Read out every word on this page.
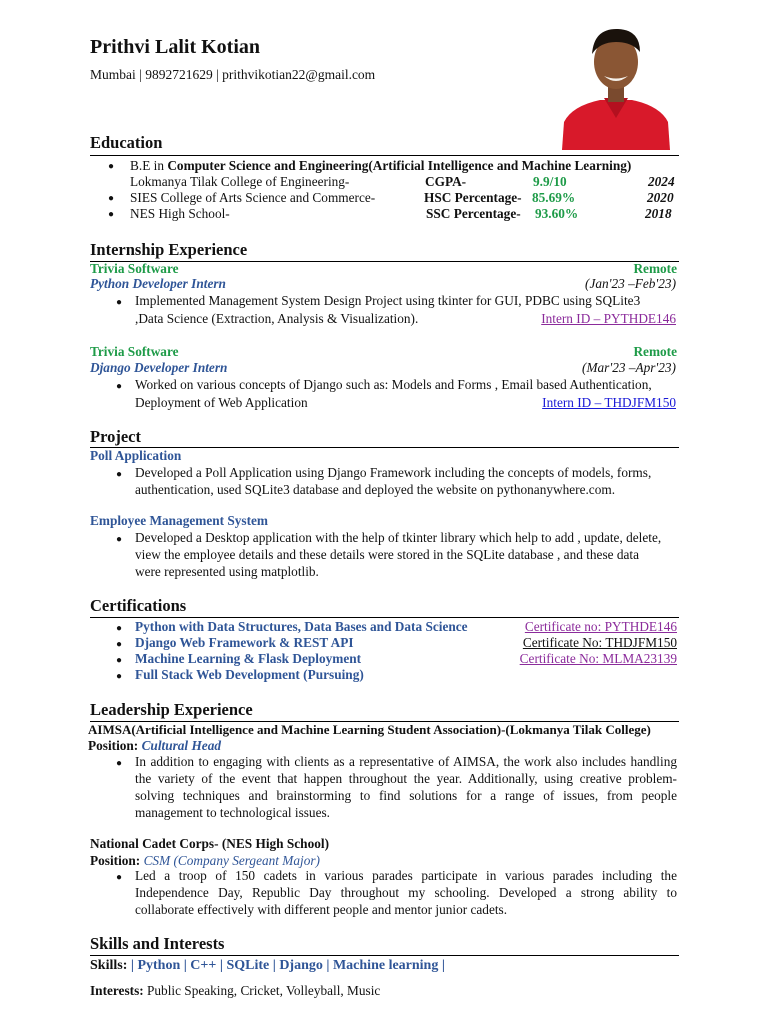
Prithvi Lalit Kotian
Mumbai | 9892721629 | prithvikotian22@gmail.com
Education
● B.E in Computer Science and Engineering(Artificial Intelligence and Machine Learning)
Lokmanya Tilak College of Engineering-	CGPA-	9.9/10	2024
● SIES College of Arts Science and Commerce-	HSC Percentage- 85.69%	2020
● NES High School-	SSC Percentage- 93.60%	2018
Internship Experience
Trivia Software	Remote
Python Developer Intern	(Jan'23 –Feb'23)
● Implemented Management System Design Project using tkinter for GUI, PDBC using SQLite3
,Data Science (Extraction, Analysis & Visualization).	Intern ID – PYTHDE146
Trivia Software	Remote
Django Developer Intern	(Mar'23 –Apr'23)
● Worked on various concepts of Django such as: Models and Forms , Email based Authentication,
Deployment of Web Application	Intern ID – THDJFM150
Project
Poll Application
● Developed a Poll Application using Django Framework including the concepts of models, forms,
authentication, used SQLite3 database and deployed the website on pythonanywhere.com.
Employee Management System
● Developed a Desktop application with the help of tkinter library which help to add , update, delete,
view the employee details and these details were stored in the SQLite database , and these data
were represented using matplotlib.
Certifications
● Python with Data Structures, Data Bases and Data Science	Certificate no: PYTHDE146
● Django Web Framework & REST API	Certificate No: THDJFM150
● Machine Learning & Flask Deployment	Certificate No: MLMA23139
● Full Stack Web Development (Pursuing)
Leadership Experience
AIMSA(Artificial Intelligence and Machine Learning Student Association)-(Lokmanya Tilak College)
Position: Cultural Head
● In addition to engaging with clients as a representative of AIMSA, the work also includes handling
the variety of the event that happen throughout the year. Additionally, using creative problem-
solving techniques and brainstorming to find solutions for a range of issues, from people
management to technological issues.
National Cadet Corps- (NES High School)
Position: CSM (Company Sergeant Major)
● Led a troop of 150 cadets in various parades participate in various parades including the
Independence Day, Republic Day throughout my schooling. Developed a strong ability to
collaborate effectively with different people and mentor junior cadets.
Skills and Interests
Skills: | Python | C++ | SQLite | Django | Machine learning |
Interests: Public Speaking, Cricket, Volleyball, Music
